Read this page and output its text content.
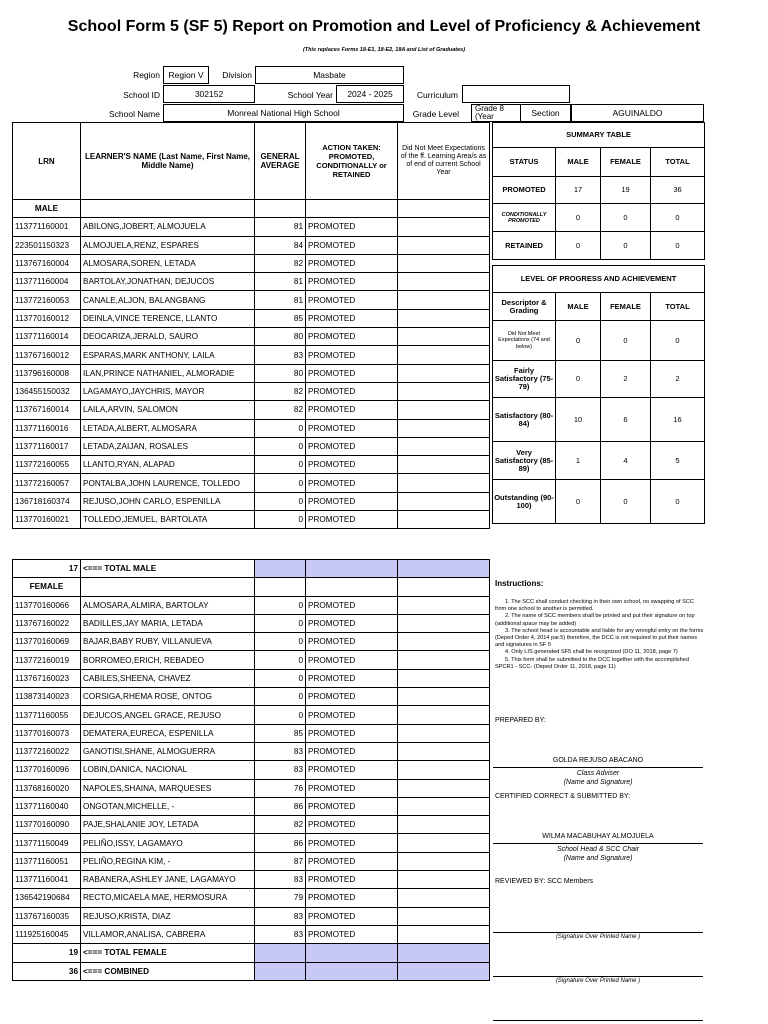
School Form 5 (SF 5) Report on Promotion and Level of Proficiency & Achievement
(This replaces Forms 18-E1, 18-E2, 18A and List of Graduates)
Region	Region V	Division	Masbate
School ID	302152	School Year	2024 - 2025	Curriculum
School Name	Monreal National High School	Grade Level
Grade 8 (Year	Section	AGUINALDO
LRN	LEARNER'S NAME (Last Name, First Name, Middle Name)	GENERAL AVERAGE	ACTION TAKEN: PROMOTED, CONDITIONALLY or RETAINED	Did Not Meet Expectations of the ff. Learning Area/s as of end of current School Year
MALE				
113771160001	ABILONG,JOBERT, ALMOJUELA	81	PROMOTED	
223501150323	ALMOJUELA,RENZ, ESPARES	84	PROMOTED	
113767160004	ALMOSARA,SOREN, LETADA	82	PROMOTED	
113771160004	BARTOLAY,JONATHAN, DEJUCOS	81	PROMOTED	
113772160053	CANALE,ALJON, BALANGBANG	81	PROMOTED	
113770160012	DEINLA,VINCE TERENCE, LLANTO	85	PROMOTED	
113771160014	DEOCARIZA,JERALD, SAURO	80	PROMOTED	
113767160012	ESPARAS,MARK ANTHONY, LAILA	83	PROMOTED	
113796160008	ILAN,PRINCE NATHANIEL, ALMORADIE	80	PROMOTED	
136455150032	LAGAMAYO,JAYCHRIS, MAYOR	82	PROMOTED	
113767160014	LAILA,ARVIN, SALOMON	82	PROMOTED	
113771160016	LETADA,ALBERT, ALMOSARA	0	PROMOTED	
113771160017	LETADA,ZAIJAN, ROSALES	0	PROMOTED	
113772160055	LLANTO,RYAN, ALAPAD	0	PROMOTED	
113772160057	PONTALBA,JOHN LAURENCE, TOLLEDO	0	PROMOTED	
136718160374	REJUSO,JOHN CARLO, ESPENILLA	0	PROMOTED	
113770160021	TOLLEDO,JEMUEL, BARTOLATA	0	PROMOTED	
17	<=== TOTAL MALE			
FEMALE				
113770160066	ALMOSARA,ALMIRA, BARTOLAY	0	PROMOTED	
113767160022	BADILLES,JAY MARIA, LETADA	0	PROMOTED	
113770160069	BAJAR,BABY RUBY, VILLANUEVA	0	PROMOTED	
113772160019	BORROMEO,ERICH, REBADEO	0	PROMOTED	
113767160023	CABILES,SHEENA, CHAVEZ	0	PROMOTED	
113873140023	CORSIGA,RHEMA ROSE, ONTOG	0	PROMOTED	
113771160055	DEJUCOS,ANGEL GRACE, REJUSO	0	PROMOTED	
113770160073	DEMATERA,EURECA, ESPENILLA	85	PROMOTED	
113772160022	GANOTISI,SHANE, ALMOGUERRA	83	PROMOTED	
113770160096	LOBIN,DANICA, NACIONAL	83	PROMOTED	
113768160020	NAPOLES,SHAINA, MARQUESES	76	PROMOTED	
113771160040	ONGOTAN,MICHELLE, -	86	PROMOTED	
113770160090	PAJE,SHALANIE JOY, LETADA	82	PROMOTED	
113771150049	PELIÑO,ISSY, LAGAMAYO	86	PROMOTED	
113771160051	PELIÑO,REGINA KIM, -	87	PROMOTED	
113771160041	RABANERA,ASHLEY JANE, LAGAMAYO	83	PROMOTED	
136542190684	RECTO,MICAELA MAE, HERMOSURA	79	PROMOTED	
113767160035	REJUSO,KRISTA, DIAZ	83	PROMOTED	
111925160045	VILLAMOR,ANALISA, CABRERA	83	PROMOTED	
19	<=== TOTAL FEMALE			
36	<=== COMBINED			
SUMMARY TABLE			
STATUS	MALE	FEMALE	TOTAL
PROMOTED	17	19	36
CONDITIONALLY PROMOTED	0	0	0
RETAINED	0	0	0
LEVEL OF PROGRESS AND ACHIEVEMENT			
Descriptor & Grading	MALE	FEMALE	TOTAL
Did Not Meet Expectations (74 and below)	0	0	0
Fairly Satisfactory (75-79)	0	2	2
Satisfactory (80-84)	10	6	16
Very Satisfactory (85-89)	1	4	5
Outstanding (90-100)	0	0	0
Instructions:
1. The SCC shall conduct checking in their own school, no swapping of SCC from one school to another is permitted.
2. The name of SCC members shall be printed and put their signature on top (additional space may be added)
3. The school head is accountable and liable for any wrongful entry on the forms (Deped Order 4, 2014 par.5) therefore, the DCC is not required to put their names and signatures in SF 5
4. Only LIS generated SF5 shall be recognized (DO 11, 2018, page 7)
5. This form shall be submitted to the DCC together with the accomplished SPCR1 - SCC- (Deped Order 11, 2018, page 11)
PREPARED BY:
GOLDA REJUSO ABACANO
Class Adviser
(Name and Signature)
CERTIFIED CORRECT & SUBMITTED BY:
WILMA MACABUHAY ALMOJUELA
School Head & SCC Chair
(Name and Signature)
REVIEWED BY: SCC Members
(Signature Over Printed Name )
(Signature Over Printed Name )
